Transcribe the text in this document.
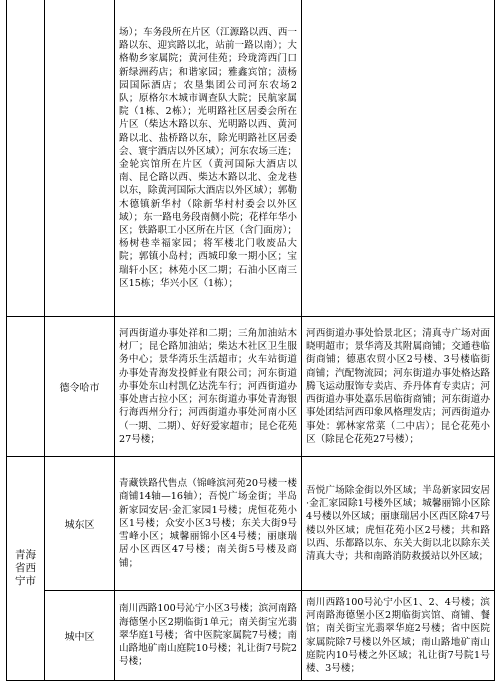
		场）；车务段所在片区（江源路以西、西一路以东、迎宾路以北，站前一路以南）；大格勒乡家属院；黄河佳苑；玲珑湾西门口新绿洲药店；和谐家园；雅鑫宾馆；渍杨园国际酒店；农垦集团公司河东农场2队；原格尔木城市调查队大院；民航家属院（1栋、2栋）；光明路社区居委会所在片区（柴达木路以东、光明路以西、黄河路以北、盐桥路以东，除光明路社区居委会、寰宇酒店以外区域）；河东农场三连；金轮宾馆所在片区（黄河国际大酒店以南、昆仑路以西、柴达木路以北、金龙巷以东，除黄河国际大酒店以外区域）；郭勒木德镇新华村（除新华村村委会以外区域）；东一路电务段南侧小院；花样年华小区；铁路职工小区所在片区（含门面房）；杨树巷幸福家园；将军楼北门收废品大院；郭镇小岛村；西城印象一期小区；宝瑞轩小区；林苑小区二期；石油小区南三区15栋；华兴小区（1栋）；	
	德令哈市	河西街道办事处祥和二期；三角加油站木材厂；昆仑路加油站；柴达木社区卫生服务中心；景华湾乐生活超市；火车站街道办事处青海发投鲜业有限公司；河东街道办事处东山村凯亿达洗车行；河西街道办事处唐古拉小区；河东街道办事处青海银行海西州分行；河西街道办事处河南小区（一期、二期）、好好爱家超市；昆仑花苑27号楼；	河西街道办事处恰景北区；清真寺广场对面晓明超市；景华湾及其附属商铺；交通巷临街商铺；德惠农贸小区2号楼、3号楼临街商铺；汽配物流园；河东街道办事处格达路腾飞运动服饰专卖店、乔丹体育专卖店；河西街道办事处嘉乐居临街商铺；河东街道办事处团结河西印象风格理发店；河西街道办事处：郭林家常菜（二中店）；昆仑花苑小区（除昆仑花苑27号楼）；
青海省西宁市	城东区	青藏铁路代售点（锦峰滨河苑20号楼一楼商铺14轴—16轴）；吾悦广场金街；半岛新家园安居·金汇家园1号楼；虎恒花苑小区1号楼；众安小区3号楼；东关大街9号雪峰小区；城馨丽锦小区4号楼；丽康瑞居小区西区47号楼；南关街5号楼及商铺；	吾悦广场除金街以外区域；半岛新家园安居·金汇家园除1号楼外区域；城馨丽锦小区除4号楼以外区域；丽康瑞居小区西区除47号楼以外区域；虎恒花苑小区2号楼；共和路以西、乐都路以东、东关大街以北以除东关清真大寺；共和南路消防救援站以外区域；
	城中区	南川西路100号沁宁小区3号楼；滨河南路海德堡小区2期临街1单元；南关街宝光翡翠华庭1号楼；省中医院家属院7号楼；南山路地矿南山庭院10号楼；礼让街7号院2号楼；	南川西路100号沁宁小区1、2、4号楼；滨河南路海德堡小区2期临街宾馆、商铺、餐馆；南关街宝光翡翠华庭2号楼；省中医院家属院除7号楼以外区域；南山路地矿南山庭院内10号楼之外区域；礼让街7号院1号楼、3号楼；
